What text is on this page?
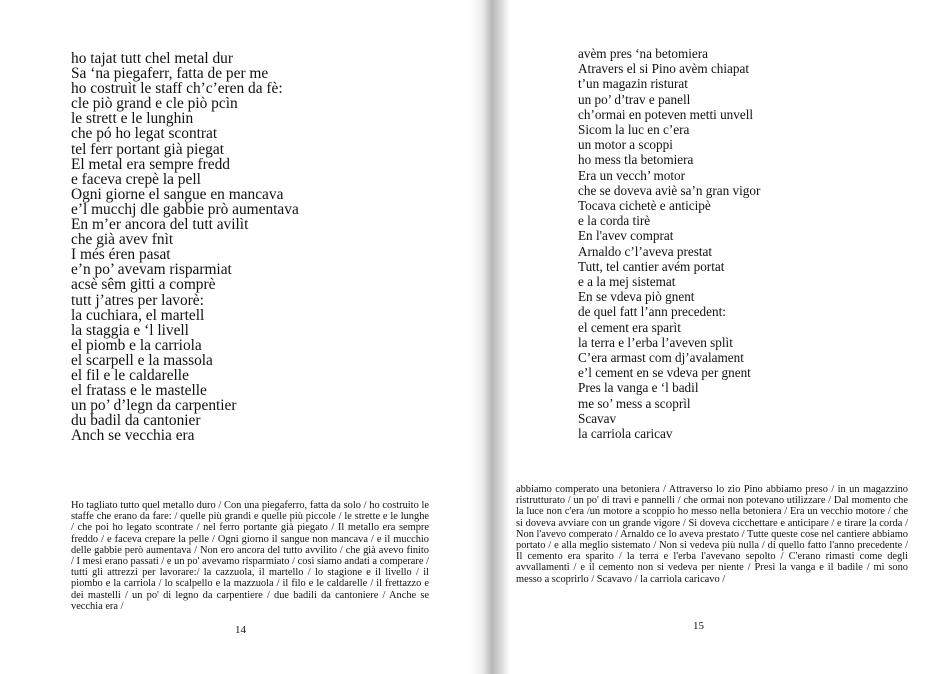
ho tajat tutt chel metal dur
Sa ‘na piegaferr, fatta de per me
ho costruìt le staff ch’c’eren da fè:
cle piò grand e cle piò pcìn
le strett e le lunghin
che pó ho legat scontrat
tel ferr portant già piegat
El metal era sempre fredd
e faceva crepè la pell
Ogni giorne el sangue en mancava
e’l mucchj dle gabbie prò aumentava
En m’er ancora del tutt avilìt
che già avev fnìt
I més éren pasat
e’n po’ avevam risparmiat
acsè sêm gitti a comprè
tutt j’atres per lavorè:
la cuchiara, el martell
la staggia e ‘l livell
el piomb e la carriola
el scarpell e la massola
el fil e le caldarelle
el fratass e le mastelle
un po’ d’legn da carpentier
du badil da cantonier
Anch se vecchia era

Ho tagliato tutto quel metallo duro / Con una piegaferro, fatta da solo / ho costruito le staffe che erano da fare: / quelle più grandi e quelle più piccole / le strette e le lunghe / che poi ho legato scontrate / nel ferro portante già piegato / Il metallo era sempre freddo / e faceva crepare la pelle / Ogni giorno il sangue non mancava / e il mucchio delle gabbie però aumentava / Non ero ancora del tutto avvilito / che già avevo finito / I mesi erano passati / e un po' avevamo risparmiato / così siamo andati a comperare / tutti gli attrezzi per lavorare:/ la cazzuola, il martello / lo stagione e il livello / il piombo e la carriola / lo scalpello e la mazzuola / il filo e le caldarelle / il frettazzo e dei mastelli / un po' di legno da carpentiere / due badili da cantoniere / Anche se vecchia era /

14
avèm pres ‘na betomiera
Atravers el si Pino avèm chiapat
t’un magazin risturat
un po’ d’trav e panell
ch’ormai en poteven metti unvell
Sicom la luc en c’era
un motor a scoppi
ho mess tla betomiera
Era un vecch’ motor
che se doveva aviè sa’n gran vigor
Tocava cichetè e anticipè
e la corda tirè
En l'avev comprat
Arnaldo c’l’aveva prestat
Tutt, tel cantier avém portat
e a la mej sistemat
En se vdeva piò gnent
de quel fatt l’ann precedent:
el cement era sparìt
la terra e l’erba l’aveven splìt
C’era armast com dj’avalament
e’l cement en se vdeva per gnent
Pres la vanga e ‘l badil
me so’ mess a scoprìl
Scavav
la carriola caricav

abbiamo comperato una betoniera / Attraverso lo zio Pino abbiamo preso / in un magazzino ristrutturato / un po' di travi e pannelli / che ormai non potevano utilizzare / Dal momento che la luce non c'era /un motore a scoppio ho messo nella betoniera / Era un vecchio motore / che si doveva avviare con un grande vigore / Si doveva cicchettare e anticipare / e tirare la corda / Non l'avevo comperato / Arnaldo ce lo aveva prestato / Tutte queste cose nel cantiere abbiamo portato / e alla meglio sistemato / Non si vedeva più nulla / di quello fatto l'anno precedente / Il cemento era sparito / la terra e l'erba l'avevano sepolto / C'erano rimasti come degli avvallamenti / e il cemento non si vedeva per niente / Presi la vanga e il badile / mi sono messo a scoprirlo / Scavavo / la carriola caricavo /

15
